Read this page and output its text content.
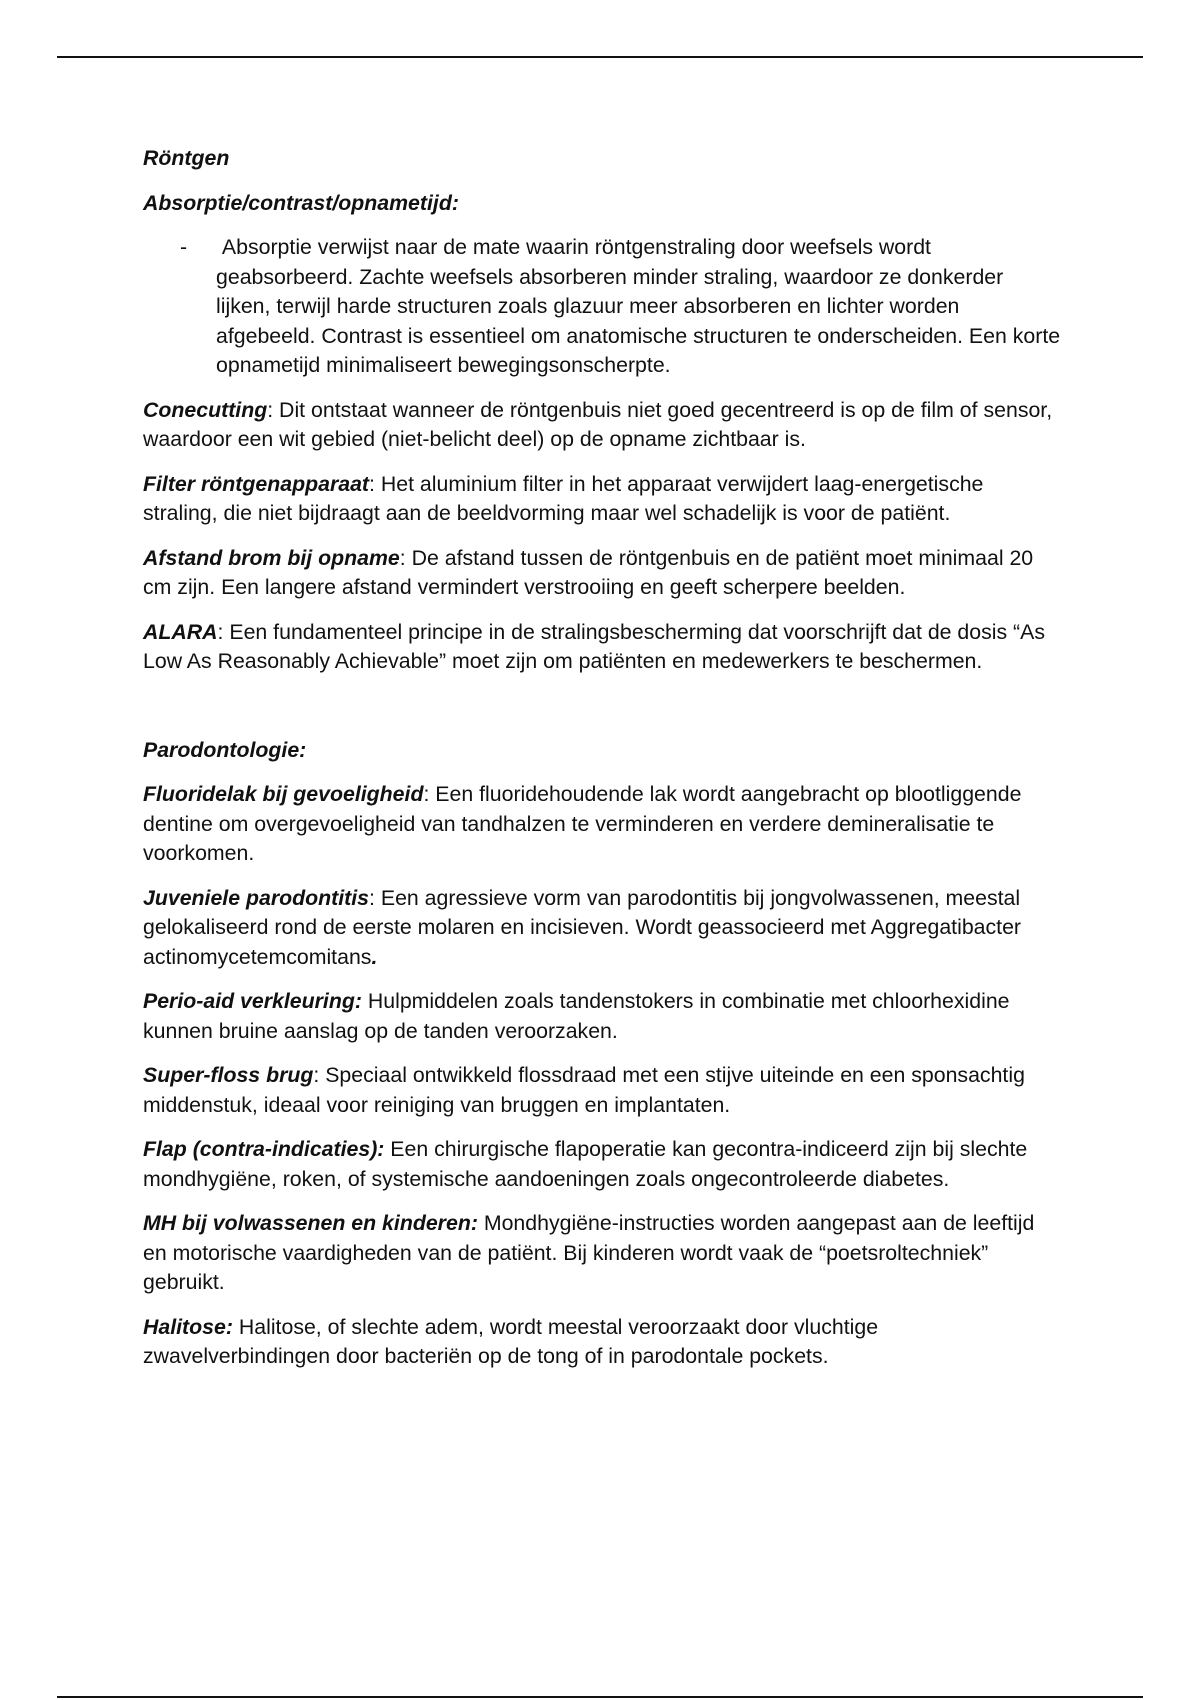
Röntgen
Absorptie/contrast/opnametijd:
- Absorptie verwijst naar de mate waarin röntgenstraling door weefsels wordt geabsorbeerd. Zachte weefsels absorberen minder straling, waardoor ze donkerder lijken, terwijl harde structuren zoals glazuur meer absorberen en lichter worden afgebeeld. Contrast is essentieel om anatomische structuren te onderscheiden. Een korte opnametijd minimaliseert bewegingsonscherpte.

Conecutting: Dit ontstaat wanneer de röntgenbuis niet goed gecentreerd is op de film of sensor, waardoor een wit gebied (niet-belicht deel) op de opname zichtbaar is.

Filter röntgenapparaat: Het aluminium filter in het apparaat verwijdert laag-energetische straling, die niet bijdraagt aan de beeldvorming maar wel schadelijk is voor de patiënt.

Afstand brom bij opname: De afstand tussen de röntgenbuis en de patiënt moet minimaal 20 cm zijn. Een langere afstand vermindert verstrooiing en geeft scherpere beelden.

ALARA: Een fundamenteel principe in de stralingsbescherming dat voorschrijft dat de dosis “As Low As Reasonably Achievable” moet zijn om patiënten en medewerkers te beschermen.

Parodontologie:

Fluoridelak bij gevoeligheid: Een fluoridehoudende lak wordt aangebracht op blootliggende dentine om overgevoeligheid van tandhalzen te verminderen en verdere demineralisatie te voorkomen.

Juveniele parodontitis: Een agressieve vorm van parodontitis bij jongvolwassenen, meestal gelokaliseerd rond de eerste molaren en incisieven. Wordt geassocieerd met Aggregatibacter actinomycetemcomitans.

Perio-aid verkleuring: Hulpmiddelen zoals tandenstokers in combinatie met chloorhexidine kunnen bruine aanslag op de tanden veroorzaken.

Super-floss brug: Speciaal ontwikkeld flossdraad met een stijve uiteinde en een sponsachtig middenstuk, ideaal voor reiniging van bruggen en implantaten.

Flap (contra-indicaties): Een chirurgische flapoperatie kan gecontra-indiceerd zijn bij slechte mondhygiëne, roken, of systemische aandoeningen zoals ongecontroleerde diabetes.

MH bij volwassenen en kinderen: Mondhygiëne-instructies worden aangepast aan de leeftijd en motorische vaardigheden van de patiënt. Bij kinderen wordt vaak de “poetsroltechniek” gebruikt.

Halitose: Halitose, of slechte adem, wordt meestal veroorzaakt door vluchtige zwavelverbindingen door bacteriën op de tong of in parodontale pockets.
